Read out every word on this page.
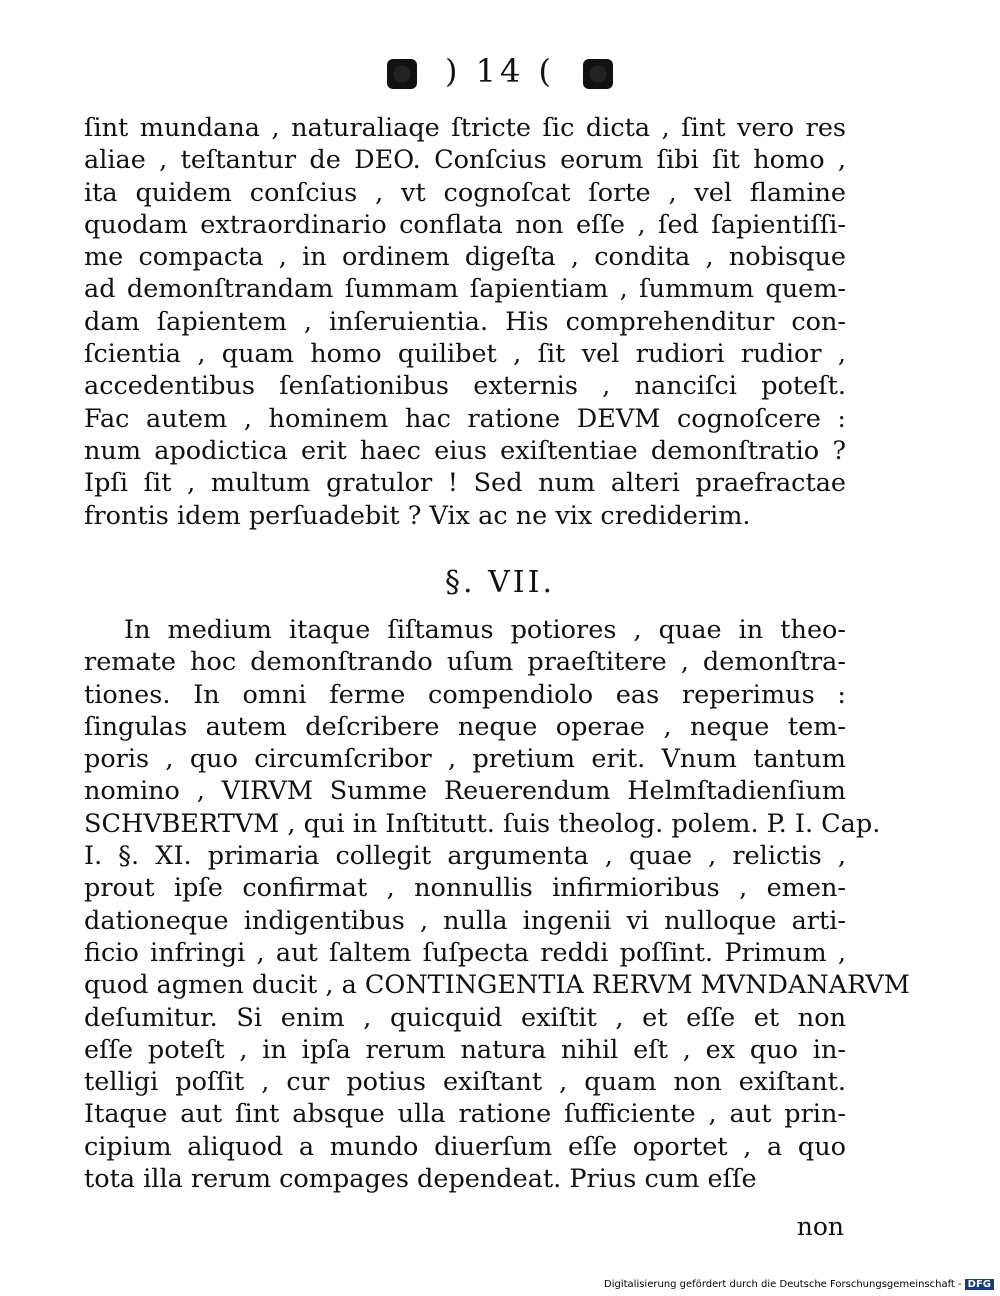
) 14 (
ſint mundana , naturaliaqe ſtricte ſic dicta , ſint vero res
aliae , teſtantur de DEO. Conſcius eorum ſibi ſit homo ,
ita quidem conſcius , vt cognoſcat ſorte , vel flamine
quodam extraordinario conflata non eſſe , ſed ſapientiſſi-
me compacta , in ordinem digeſta , condita , nobisque
ad demonſtrandam ſummam ſapientiam , ſummum quem-
dam ſapientem , inſeruientia. His comprehenditur con-
ſcientia , quam homo quilibet , ſit vel rudiori rudior ,
accedentibus ſenſationibus externis , nanciſci poteſt.
Fac autem , hominem hac ratione DEVM cognoſcere :
num apodictica erit haec eius exiſtentiae demonſtratio ?
Ipſi ſit , multum gratulor ! Sed num alteri praefractae
frontis idem perſuadebit ? Vix ac ne vix crediderim.
§. VII.
In medium itaque ſiſtamus potiores , quae in theo-
remate hoc demonſtrando uſum praeſtitere , demonſtra-
tiones. In omni ferme compendiolo eas reperimus :
ſingulas autem deſcribere neque operae , neque tem-
poris , quo circumſcribor , pretium erit. Vnum tantum
nomino , VIRVM Summe Reuerendum Helmſtadienſium
SCHVBERTVM , qui in Inſtitutt. ſuis theolog. polem. P. I. Cap.
I. §. XI. primaria collegit argumenta , quae , relictis ,
prout ipſe confirmat , nonnullis infirmioribus , emen-
dationeque indigentibus , nulla ingenii vi nulloque arti-
ficio infringi , aut ſaltem ſuſpecta reddi poſſint. Primum ,
quod agmen ducit , a CONTINGENTIA RERVM MVNDANARVM
deſumitur. Si enim , quicquid exiſtit , et eſſe et non
eſſe poteſt , in ipſa rerum natura nihil eſt , ex quo in-
telligi poſſit , cur potius exiſtant , quam non exiſtant.
Itaque aut ſint absque ulla ratione ſufficiente , aut prin-
cipium aliquod a mundo diuerſum eſſe oportet , a quo
tota illa rerum compages dependeat. Prius cum eſſe
non
Digitalisierung gefördert durch die Deutsche Forschungsgemeinschaft - DFG
